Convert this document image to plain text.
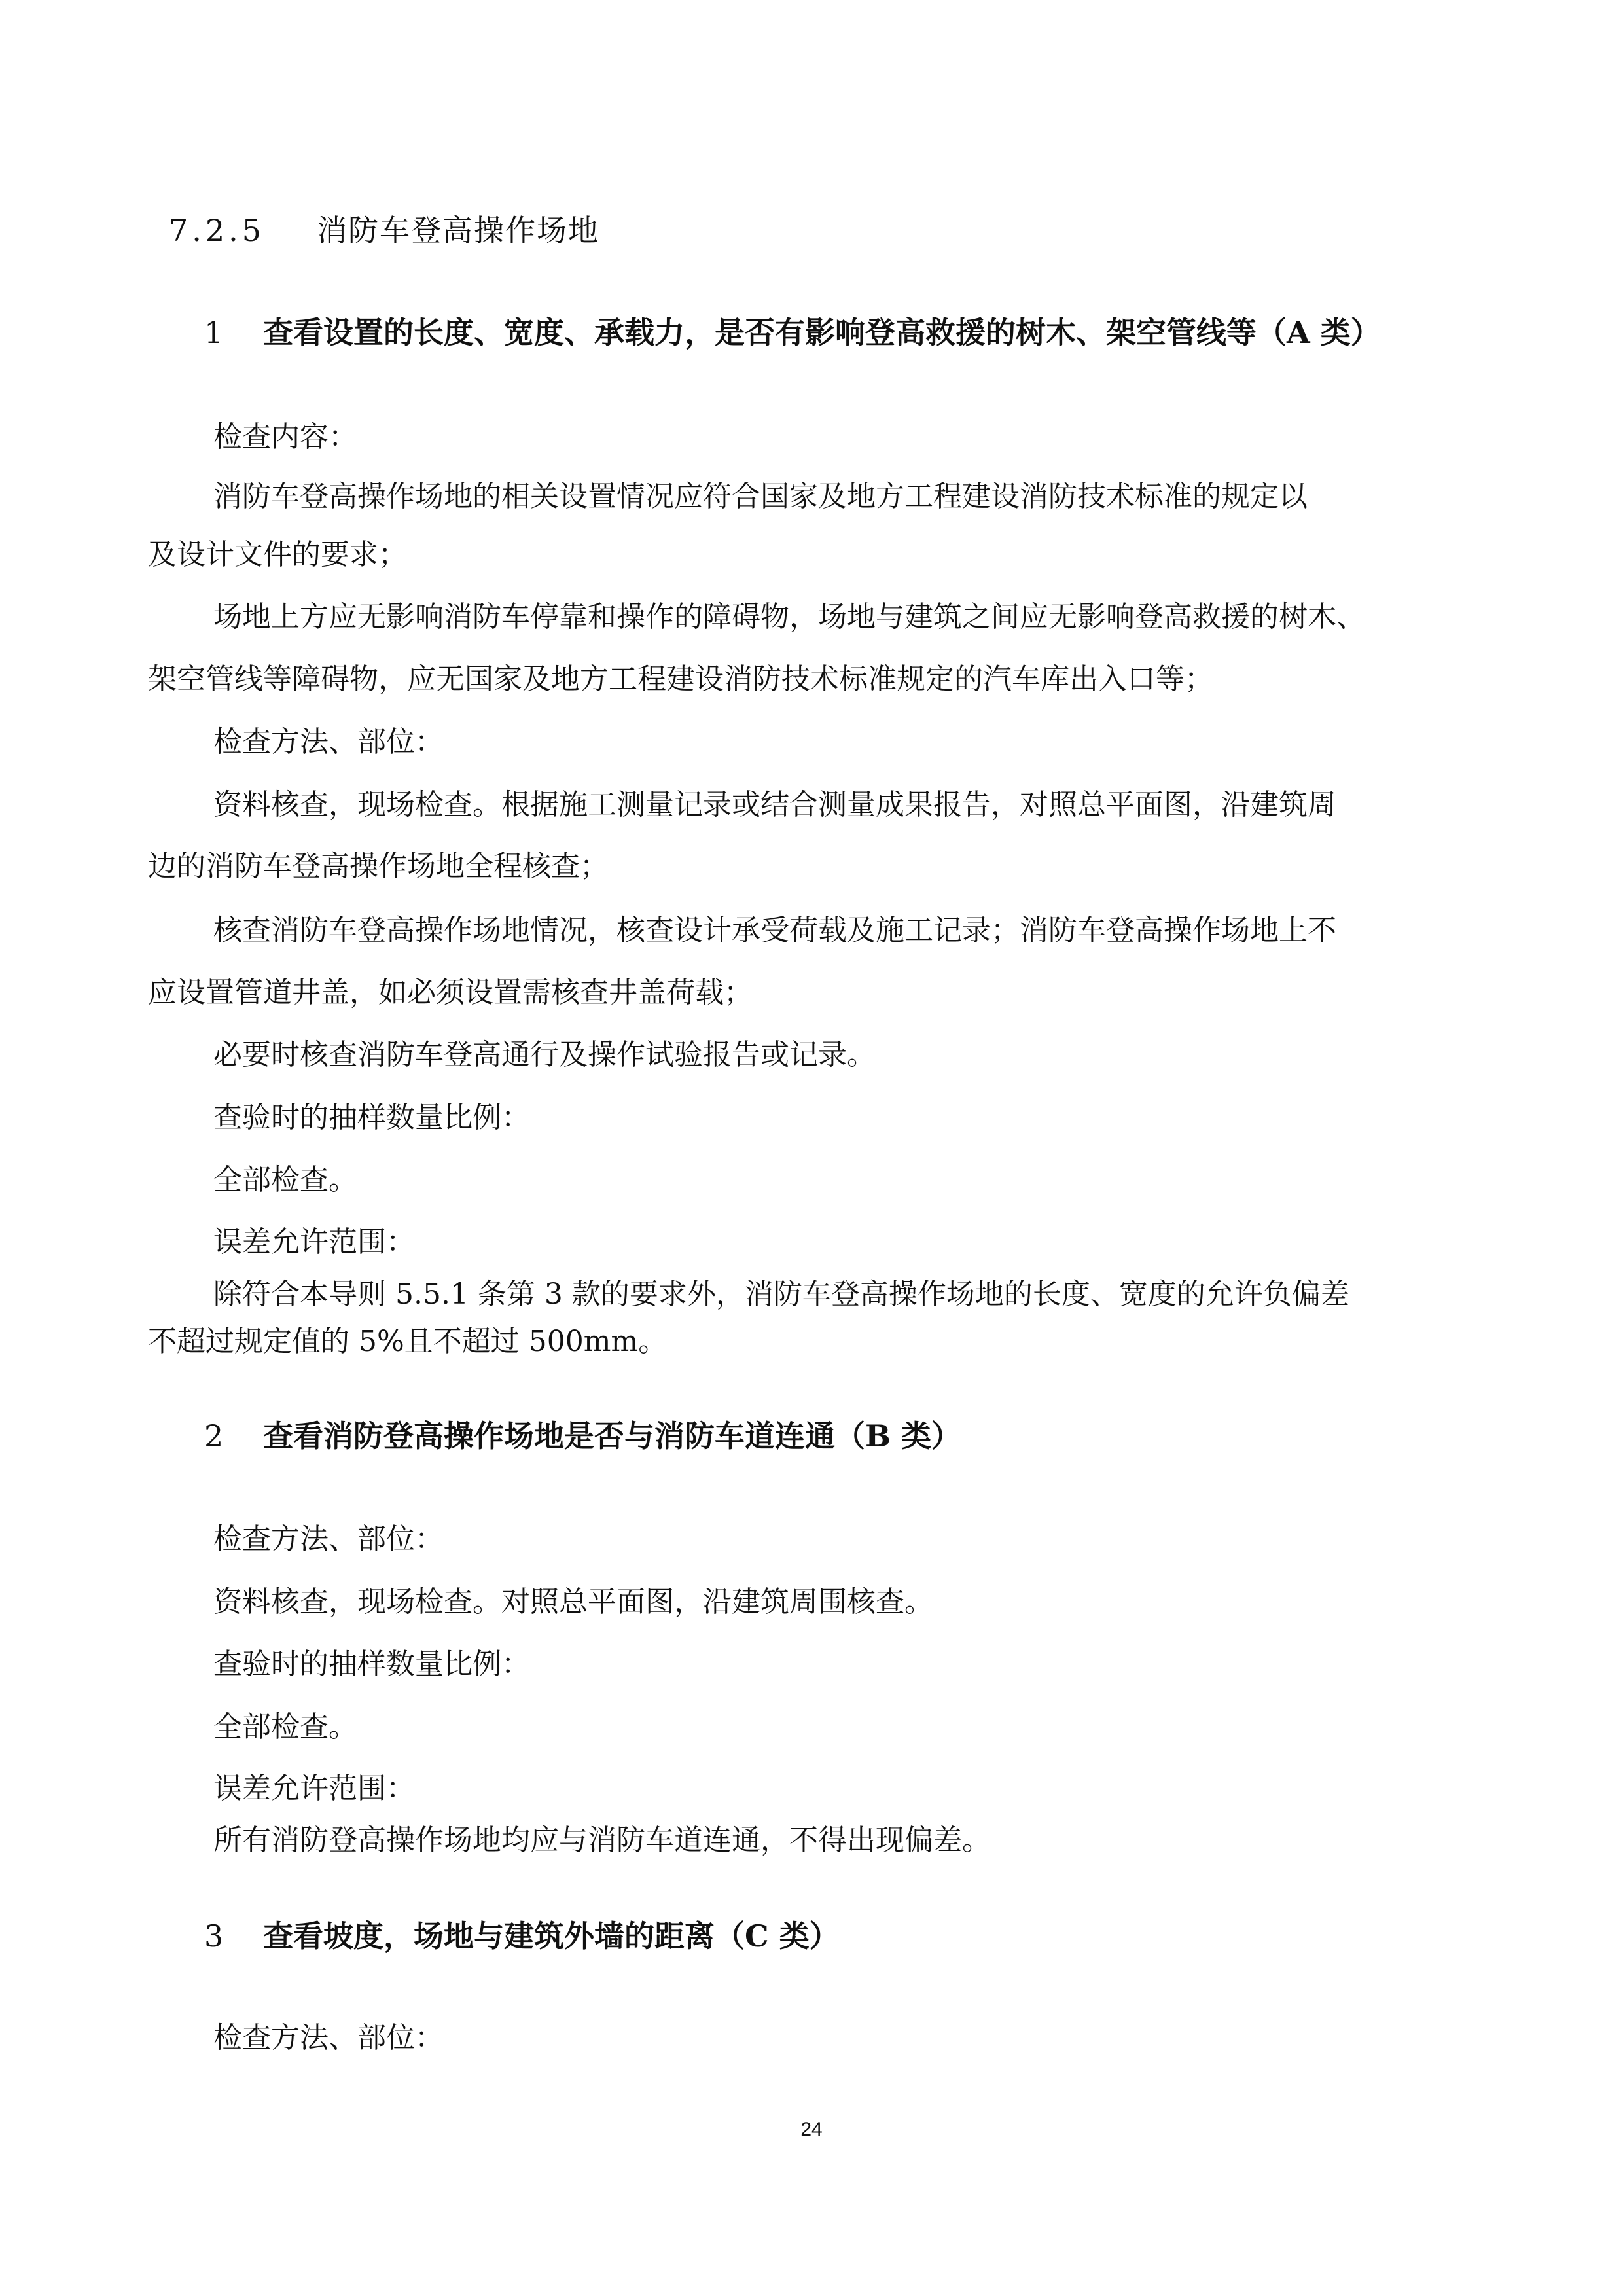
7.2.5 消防车登高操作场地
1 查看设置的长度、宽度、承载力，是否有影响登高救援的树木、架空管线等（A 类）
检查内容：
消防车登高操作场地的相关设置情况应符合国家及地方工程建设消防技术标准的规定以
及设计文件的要求；
场地上方应无影响消防车停靠和操作的障碍物，场地与建筑之间应无影响登高救援的树木、
架空管线等障碍物，应无国家及地方工程建设消防技术标准规定的汽车库出入口等；
检查方法、部位：
资料核查，现场检查。根据施工测量记录或结合测量成果报告，对照总平面图，沿建筑周
边的消防车登高操作场地全程核查；
核查消防车登高操作场地情况，核查设计承受荷载及施工记录；消防车登高操作场地上不
应设置管道井盖，如必须设置需核查井盖荷载；
必要时核查消防车登高通行及操作试验报告或记录。
查验时的抽样数量比例：
全部检查。
误差允许范围：
除符合本导则 5.5.1 条第 3 款的要求外，消防车登高操作场地的长度、宽度的允许负偏差
不超过规定值的 5%且不超过 500mm。
2 查看消防登高操作场地是否与消防车道连通（B 类）
检查方法、部位：
资料核查，现场检查。对照总平面图，沿建筑周围核查。
查验时的抽样数量比例：
全部检查。
误差允许范围：
所有消防登高操作场地均应与消防车道连通，不得出现偏差。
3 查看坡度，场地与建筑外墙的距离（C 类）
检查方法、部位：
24
